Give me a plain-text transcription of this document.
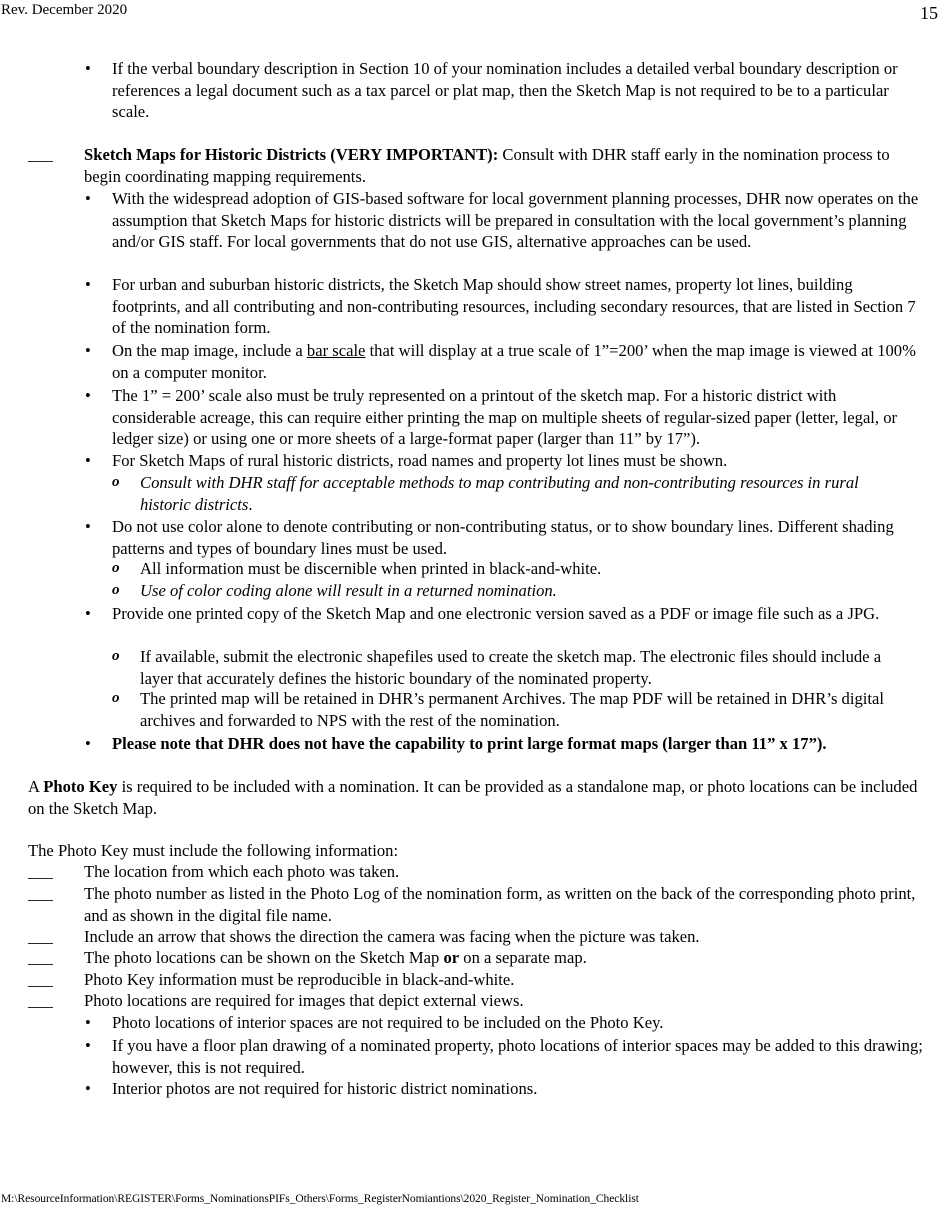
Rev. December 2020	15
•	If the verbal boundary description in Section 10 of your nomination includes a detailed verbal boundary description or references a legal document such as a tax parcel or plat map, then the Sketch Map is not required to be to a particular scale.
___	Sketch Maps for Historic Districts (VERY IMPORTANT): Consult with DHR staff early in the nomination process to begin coordinating mapping requirements.
•	With the widespread adoption of GIS-based software for local government planning processes, DHR now operates on the assumption that Sketch Maps for historic districts will be prepared in consultation with the local government’s planning and/or GIS staff. For local governments that do not use GIS, alternative approaches can be used.
•	For urban and suburban historic districts, the Sketch Map should show street names, property lot lines, building footprints, and all contributing and non-contributing resources, including secondary resources, that are listed in Section 7 of the nomination form.
•	On the map image, include a bar scale that will display at a true scale of 1”=200’ when the map image is viewed at 100% on a computer monitor.
•	The 1” = 200’ scale also must be truly represented on a printout of the sketch map. For a historic district with considerable acreage, this can require either printing the map on multiple sheets of regular-sized paper (letter, legal, or ledger size) or using one or more sheets of a large-format paper (larger than 11” by 17”).
•	For Sketch Maps of rural historic districts, road names and property lot lines must be shown.
o Consult with DHR staff for acceptable methods to map contributing and non-contributing resources in rural historic districts.
•	Do not use color alone to denote contributing or non-contributing status, or to show boundary lines. Different shading patterns and types of boundary lines must be used.
o All information must be discernible when printed in black-and-white.
o Use of color coding alone will result in a returned nomination.
•	Provide one printed copy of the Sketch Map and one electronic version saved as a PDF or image file such as a JPG.
o If available, submit the electronic shapefiles used to create the sketch map. The electronic files should include a layer that accurately defines the historic boundary of the nominated property.
o The printed map will be retained in DHR’s permanent Archives. The map PDF will be retained in DHR’s digital archives and forwarded to NPS with the rest of the nomination.
•	Please note that DHR does not have the capability to print large format maps (larger than 11” x 17”).
A Photo Key is required to be included with a nomination. It can be provided as a standalone map, or photo locations can be included on the Sketch Map.
The Photo Key must include the following information:
___	The location from which each photo was taken.
___	The photo number as listed in the Photo Log of the nomination form, as written on the back of the corresponding photo print, and as shown in the digital file name.
___	Include an arrow that shows the direction the camera was facing when the picture was taken.
___	The photo locations can be shown on the Sketch Map or on a separate map.
___	Photo Key information must be reproducible in black-and-white.
___	Photo locations are required for images that depict external views.
•	Photo locations of interior spaces are not required to be included on the Photo Key.
•	If you have a floor plan drawing of a nominated property, photo locations of interior spaces may be added to this drawing; however, this is not required.
•	Interior photos are not required for historic district nominations.
M:\ResourceInformation\REGISTER\Forms_NominationsPIFs_Others\Forms_RegisterNomiantions\2020_Register_Nomination_Checklist
